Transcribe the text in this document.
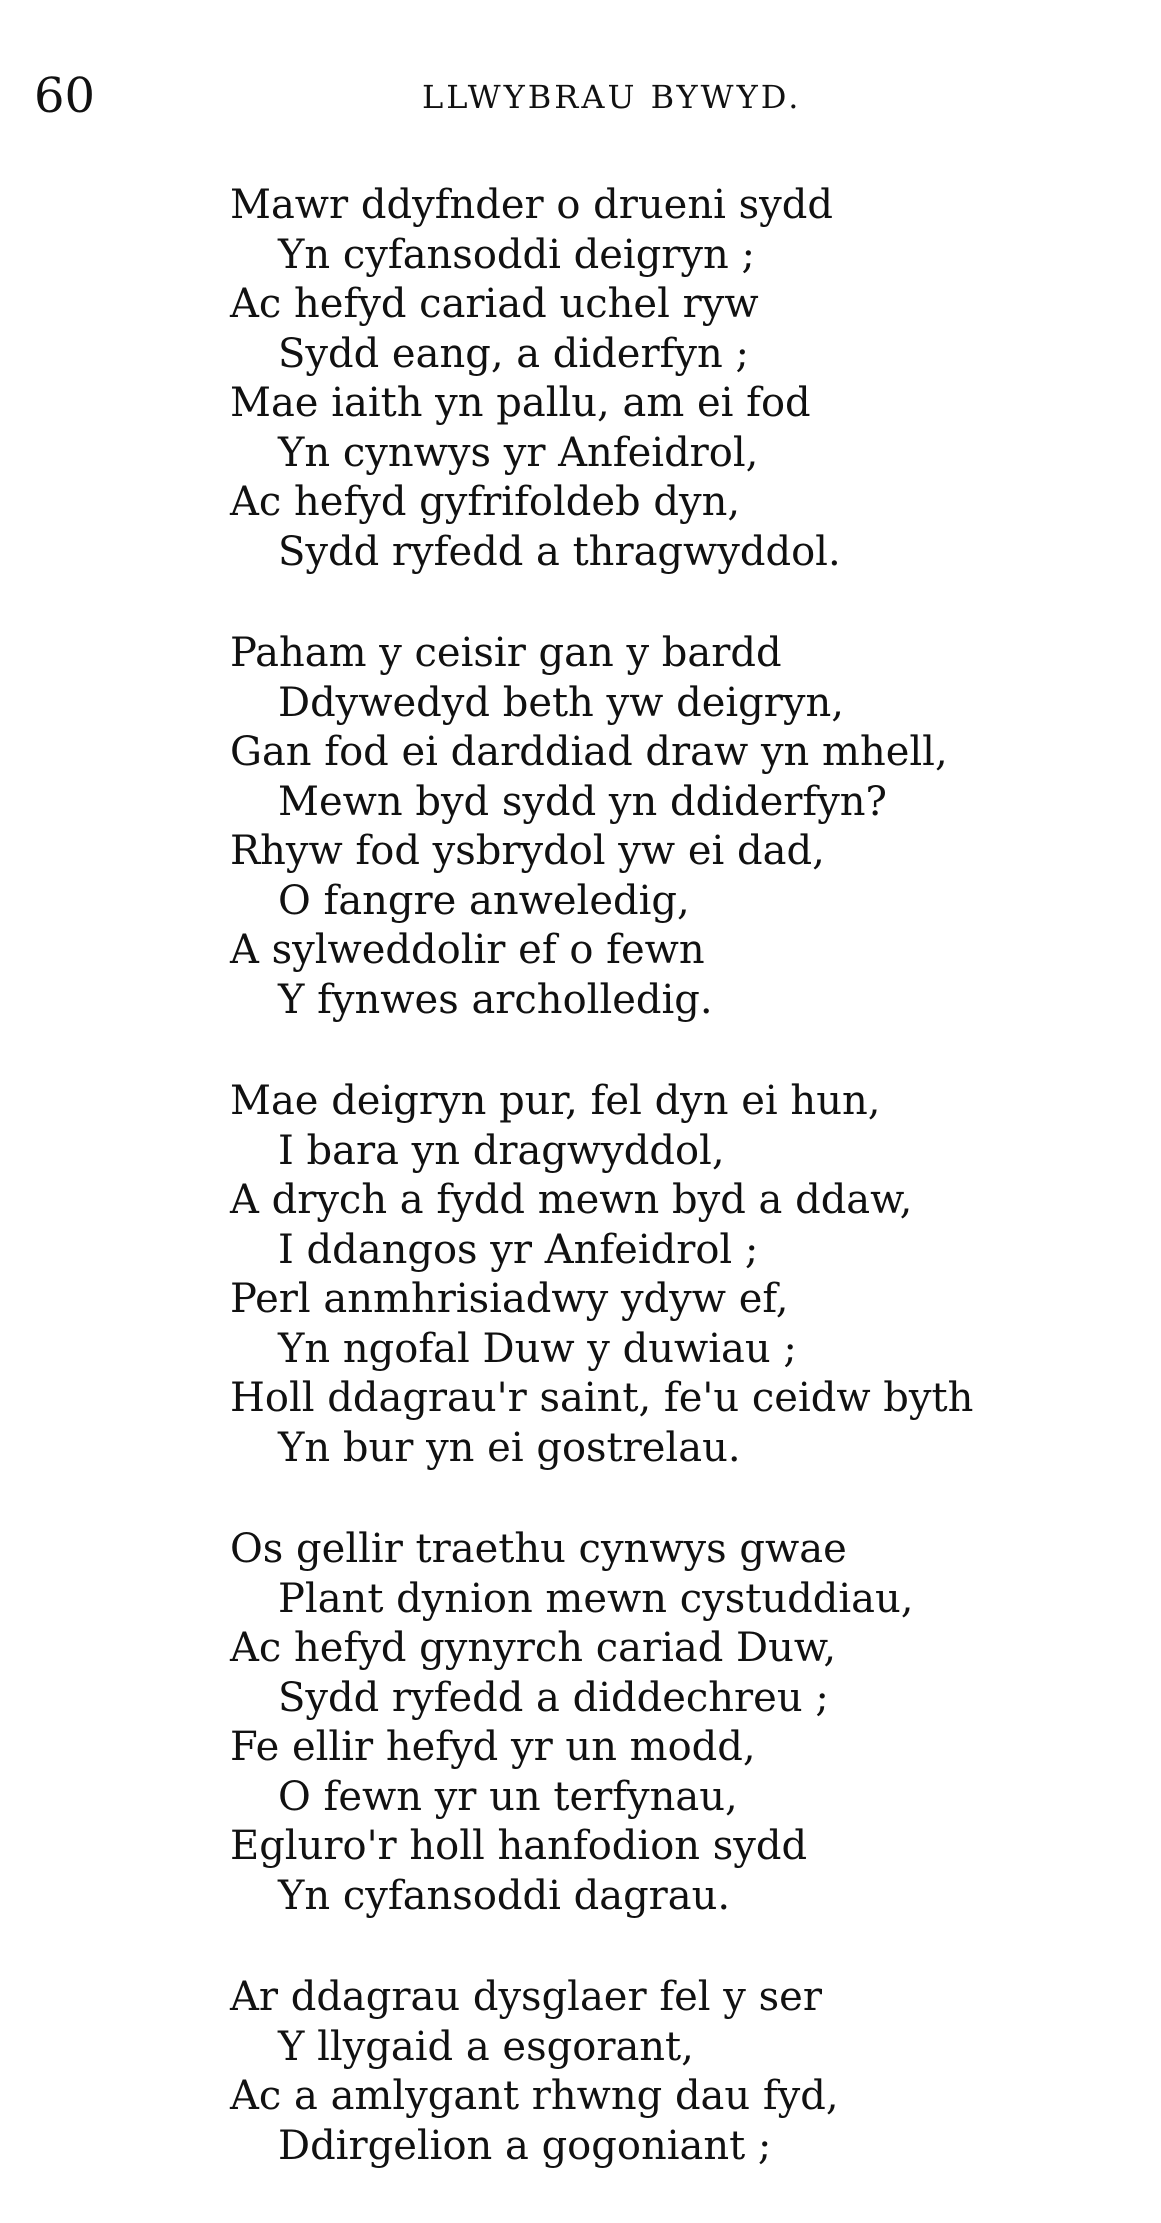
60	LLWYBRAU BYWYD.
Mawr ddyfnder o drueni sydd
Yn cyfansoddi deigryn ;
Ac hefyd cariad uchel ryw
Sydd eang, a diderfyn ;
Mae iaith yn pallu, am ei fod
Yn cynwys yr Anfeidrol,
Ac hefyd gyfrifoldeb dyn,
Sydd ryfedd a thragwyddol.
Paham y ceisir gan y bardd
Ddywedyd beth yw deigryn,
Gan fod ei darddiad draw yn mhell,
Mewn byd sydd yn ddiderfyn?
Rhyw fod ysbrydol yw ei dad,
O fangre anweledig,
A sylweddolir ef o fewn
Y fynwes archolledig.
Mae deigryn pur, fel dyn ei hun,
I bara yn dragwyddol,
A drych a fydd mewn byd a ddaw,
I ddangos yr Anfeidrol ;
Perl anmhrisiadwy ydyw ef,
Yn ngofal Duw y duwiau ;
Holl ddagrau'r saint, fe'u ceidw byth
Yn bur yn ei gostrelau.
Os gellir traethu cynwys gwae
Plant dynion mewn cystuddiau,
Ac hefyd gynyrch cariad Duw,
Sydd ryfedd a diddechreu ;
Fe ellir hefyd yr un modd,
O fewn yr un terfynau,
Egluro'r holl hanfodion sydd
Yn cyfansoddi dagrau.
Ar ddagrau dysglaer fel y ser
Y llygaid a esgorant,
Ac a amlygant rhwng dau fyd,
Ddirgelion a gogoniant ;
